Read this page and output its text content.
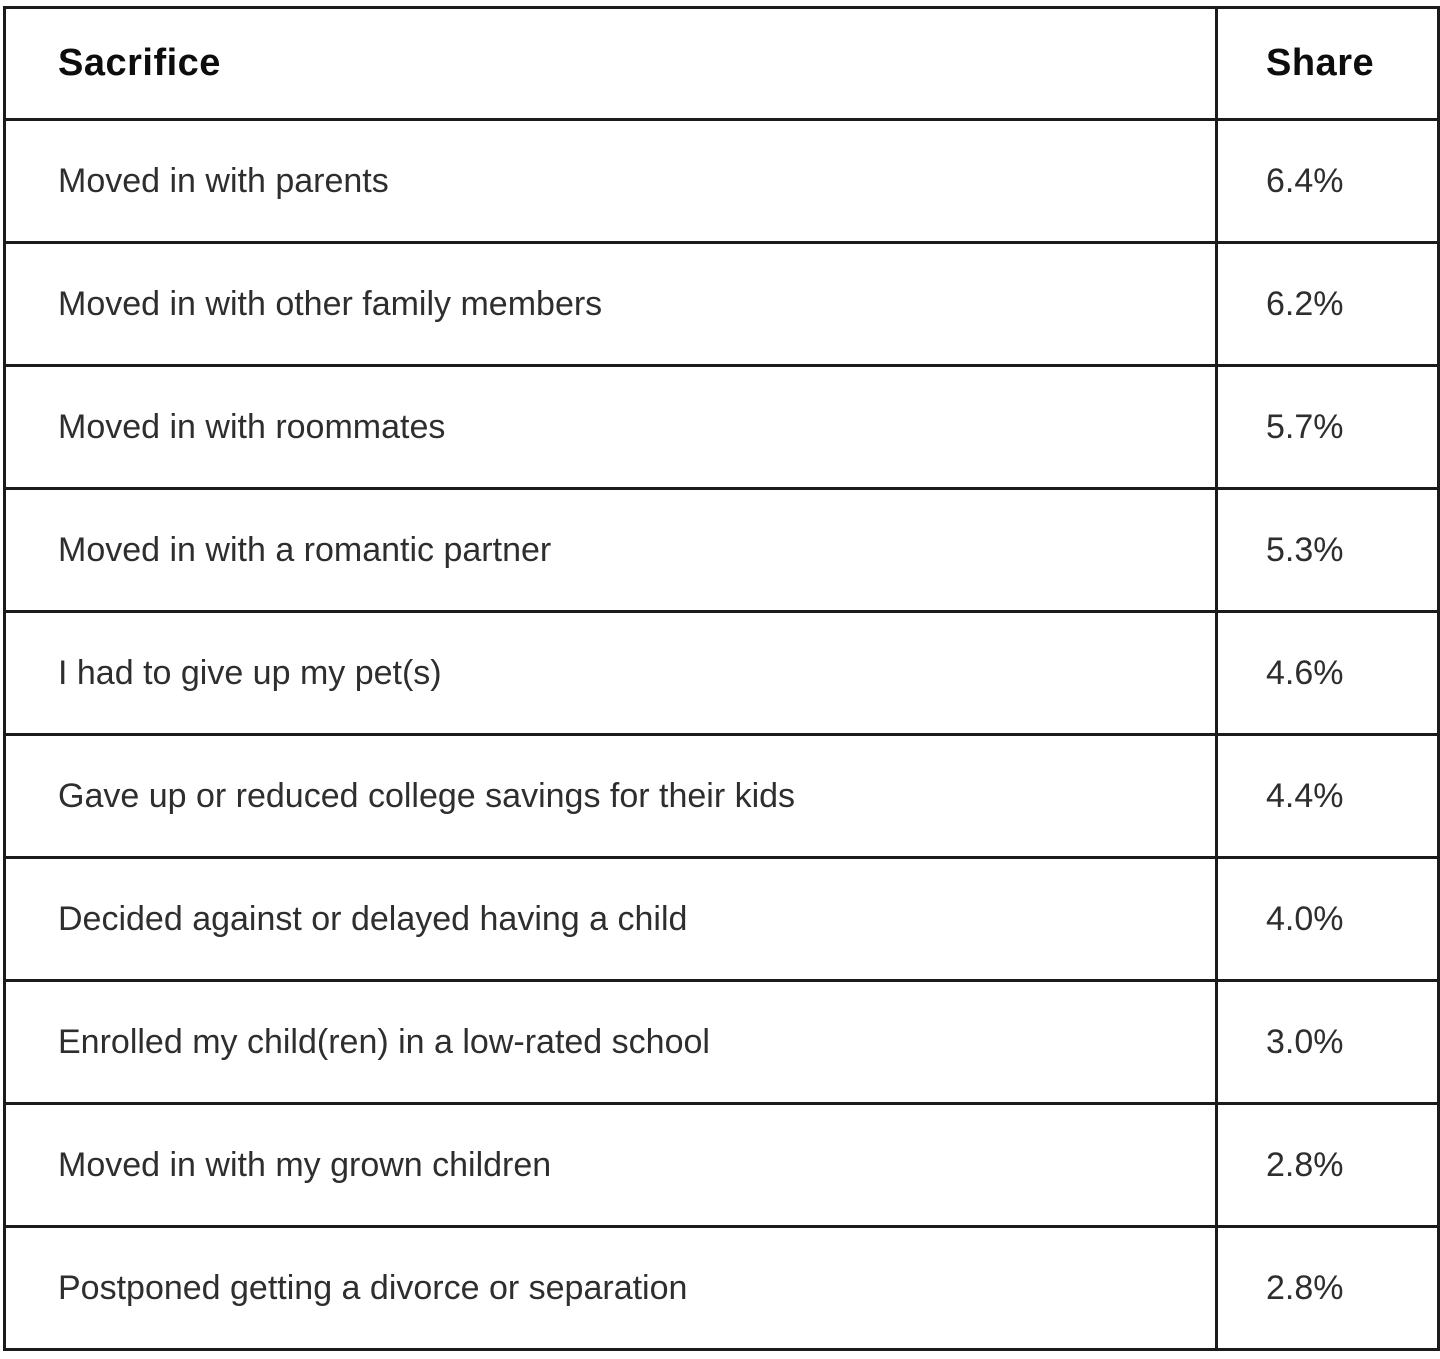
Sacrifice	Share
Moved in with parents	6.4%
Moved in with other family members	6.2%
Moved in with roommates	5.7%
Moved in with a romantic partner	5.3%
I had to give up my pet(s)	4.6%
Gave up or reduced college savings for their kids	4.4%
Decided against or delayed having a child	4.0%
Enrolled my child(ren) in a low-rated school	3.0%
Moved in with my grown children	2.8%
Postponed getting a divorce or separation	2.8%
